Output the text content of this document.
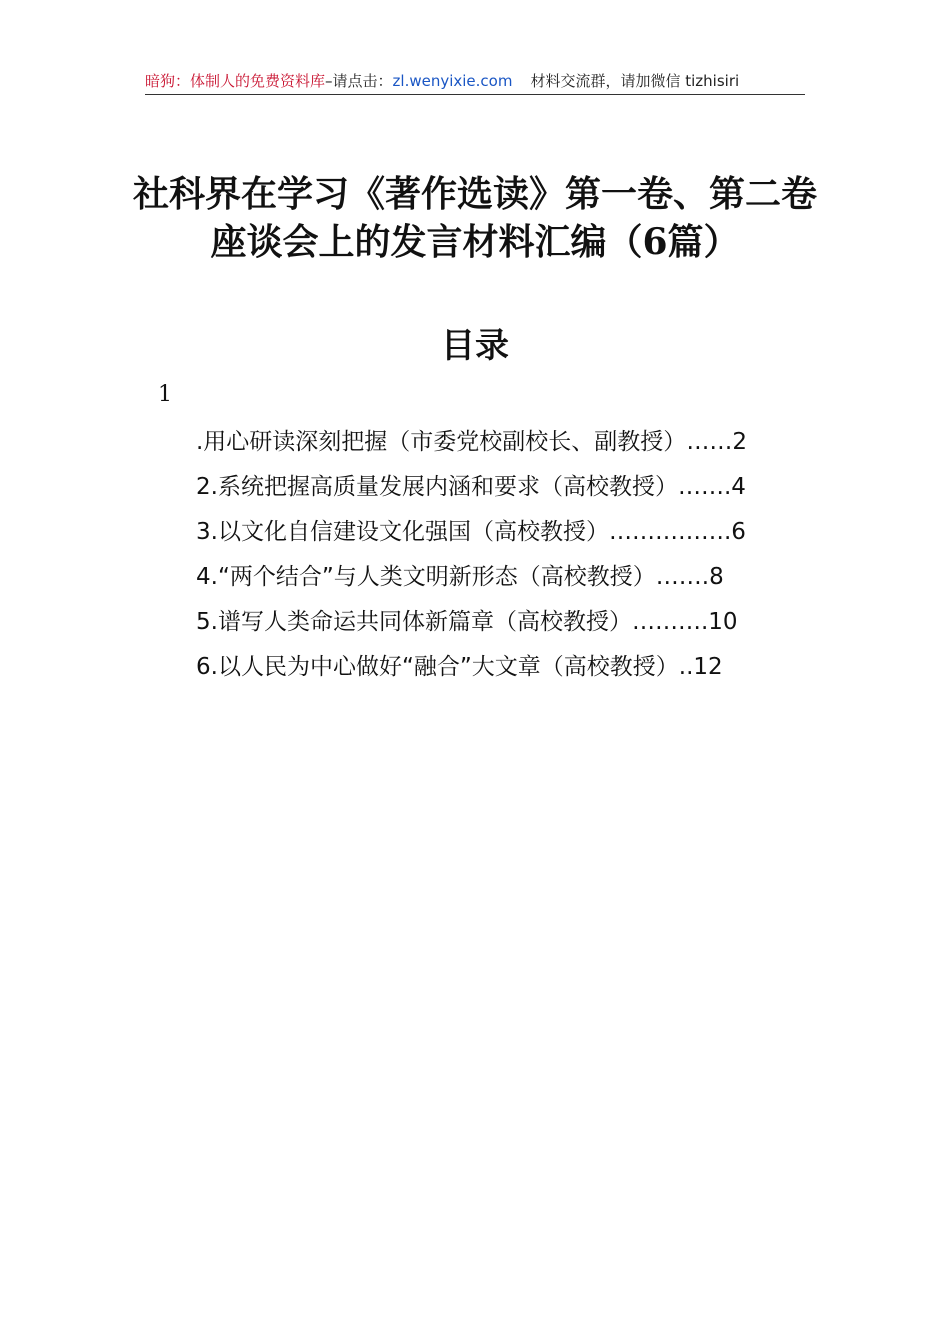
暗狗：体制人的免费资料库–请点击：zl.wenyixie.com 材料交流群，请加微信 tizhisiri
社科界在学习《著作选读》第一卷、第二卷座谈会上的发言材料汇编（6篇）
目录
1
.用心研读深刻把握（市委党校副校长、副教授） …… 2
2.系统把握高质量发展内涵和要求（高校教授） ……. 4
3.以文化自信建设文化强国（高校教授） ……………. 6
4.“两个结合”与人类文明新形态（高校教授） ……. 8
5.谱写人类命运共同体新篇章（高校教授） ………. 10
6.以人民为中心做好“融合”大文章（高校教授） .. 12
